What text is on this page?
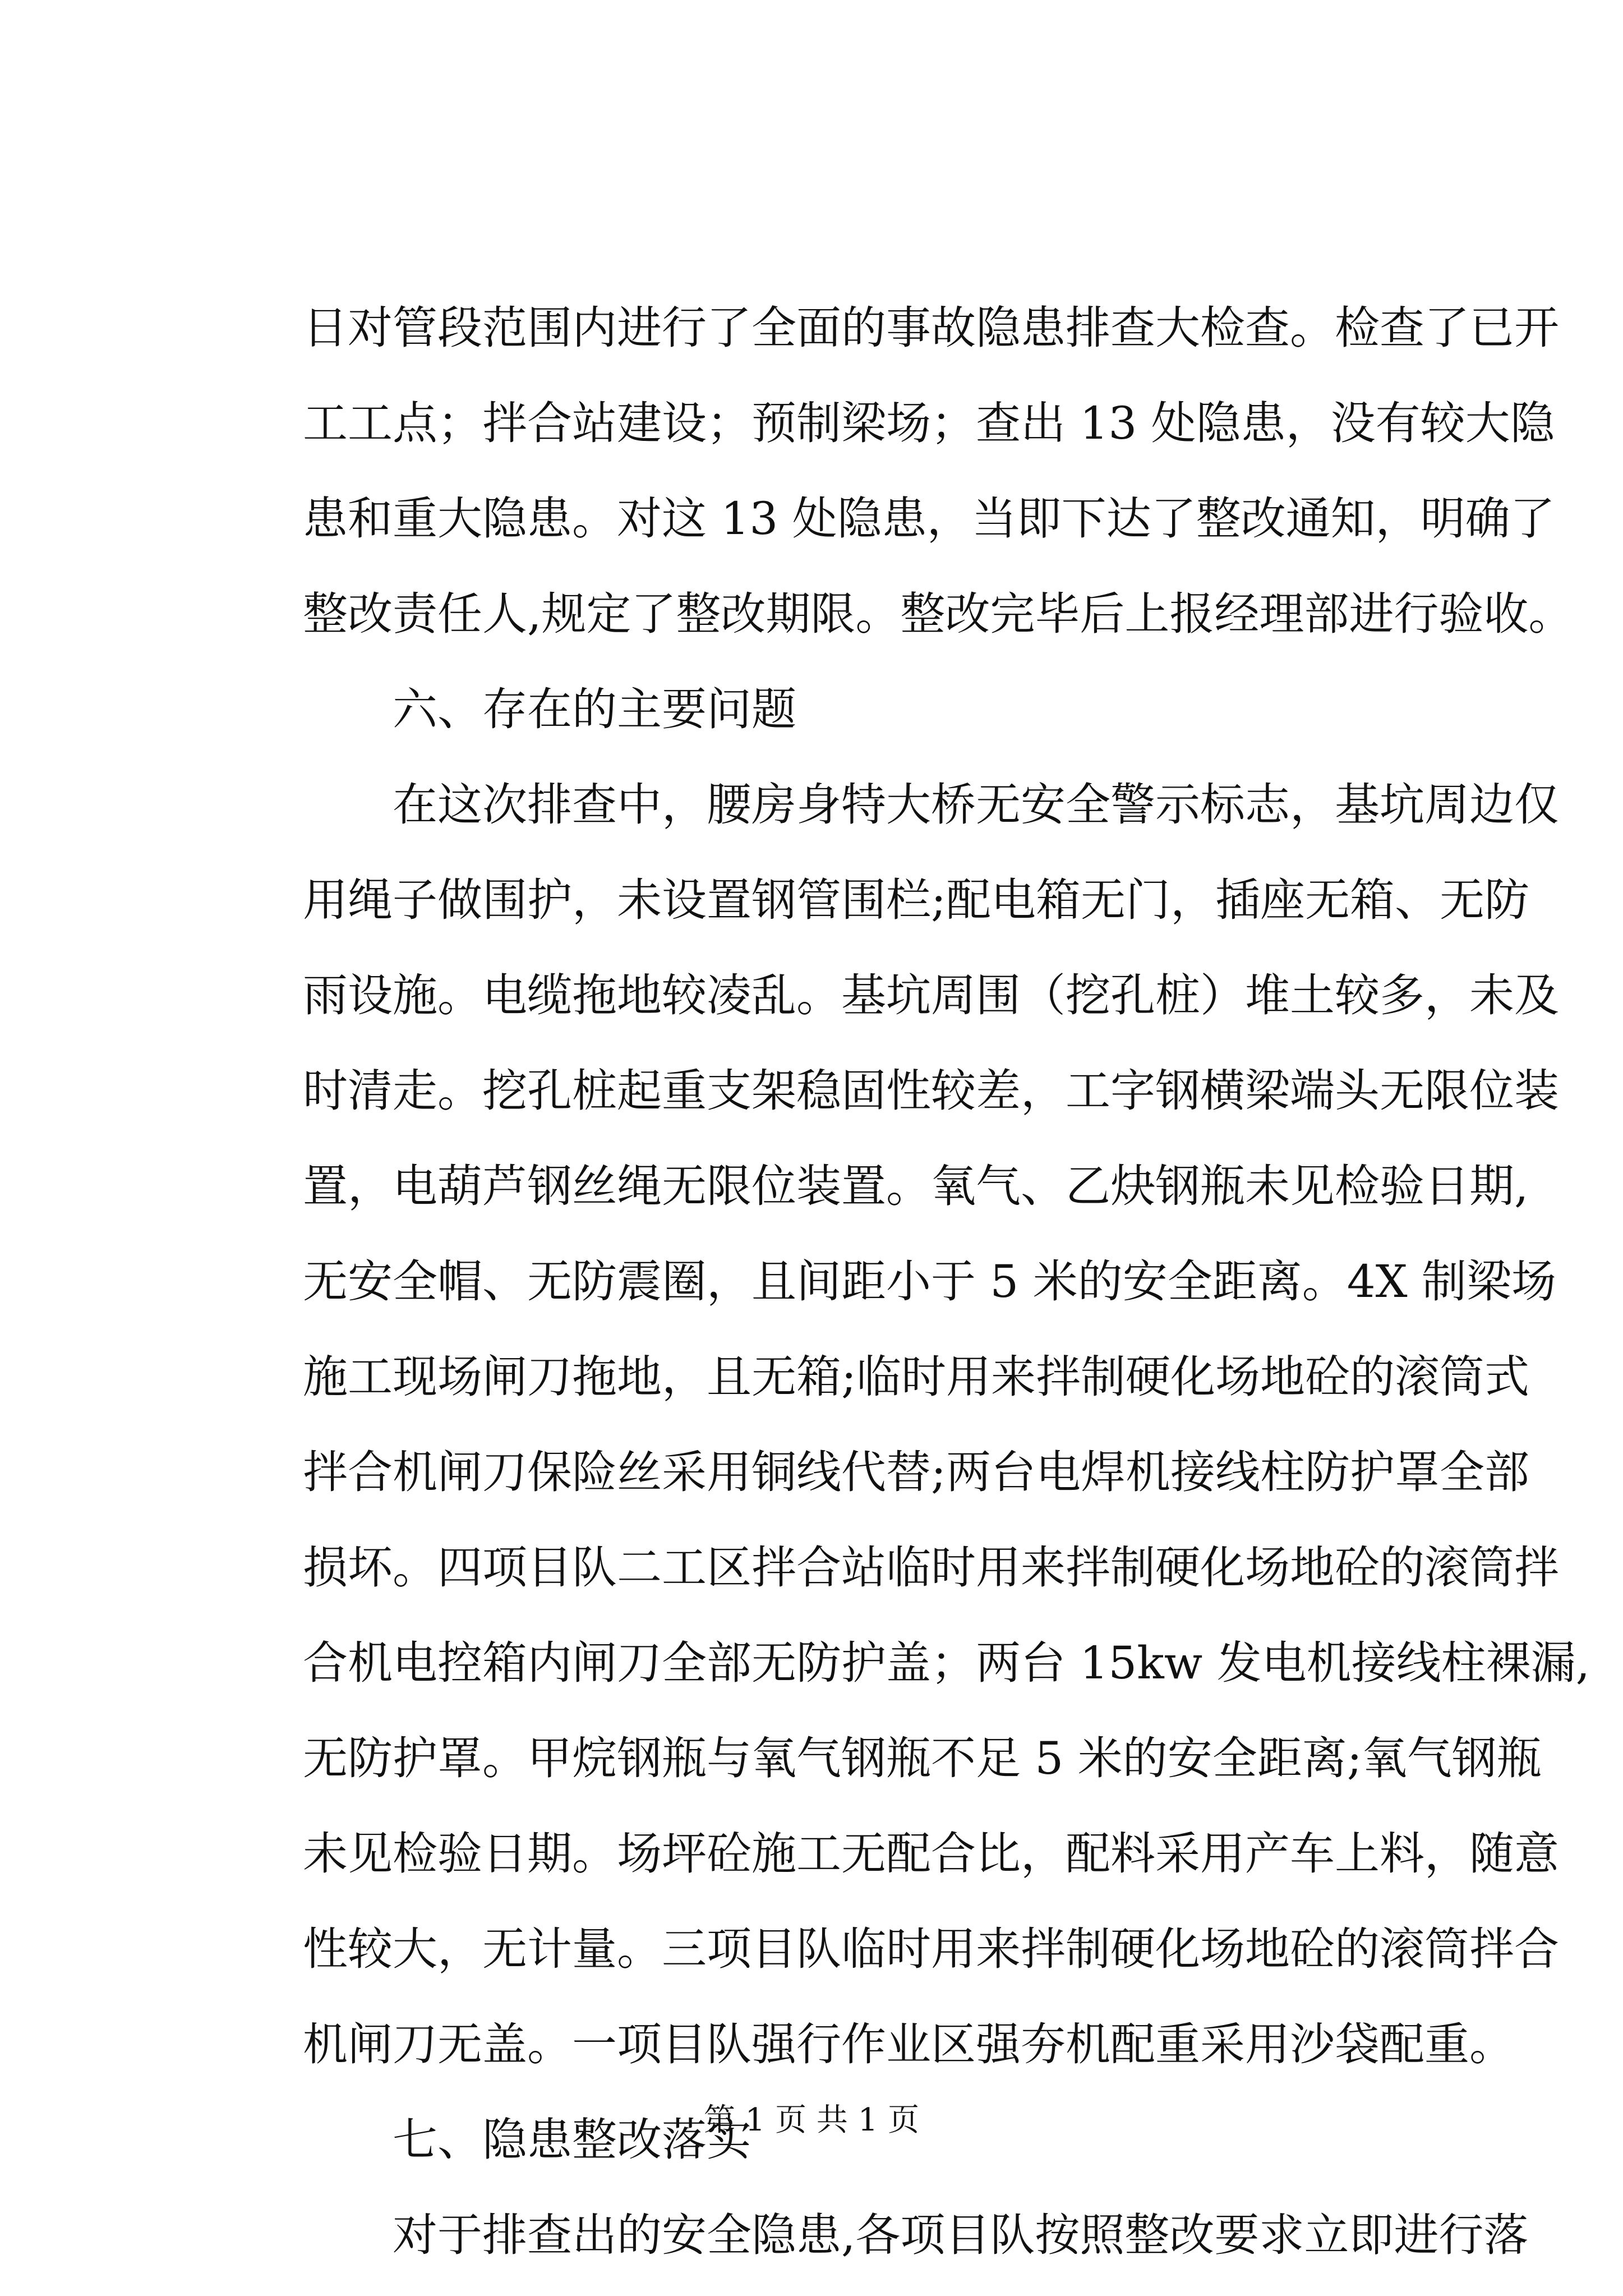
日对管段范围内进行了全面的事故隐患排查大检查。检查了已开
工工点；拌合站建设；预制梁场；查出 13 处隐患，没有较大隐
患和重大隐患。对这 13 处隐患，当即下达了整改通知，明确了
整改责任人,规定了整改期限。整改完毕后上报经理部进行验收。
六、存在的主要问题
在这次排查中，腰房身特大桥无安全警示标志，基坑周边仅
用绳子做围护，未设置钢管围栏;配电箱无门，插座无箱、无防
雨设施。电缆拖地较凌乱。基坑周围（挖孔桩）堆土较多，未及
时清走。挖孔桩起重支架稳固性较差，工字钢横梁端头无限位装
置，电葫芦钢丝绳无限位装置。氧气、乙炔钢瓶未见检验日期,
无安全帽、无防震圈，且间距小于 5 米的安全距离。4X 制梁场
施工现场闸刀拖地，且无箱;临时用来拌制硬化场地砼的滚筒式
拌合机闸刀保险丝采用铜线代替;两台电焊机接线柱防护罩全部
损坏。四项目队二工区拌合站临时用来拌制硬化场地砼的滚筒拌
合机电控箱内闸刀全部无防护盖；两台 15kw 发电机接线柱裸漏,
无防护罩。甲烷钢瓶与氧气钢瓶不足 5 米的安全距离;氧气钢瓶
未见检验日期。场坪砼施工无配合比，配料采用产车上料，随意
性较大，无计量。三项目队临时用来拌制硬化场地砼的滚筒拌合
机闸刀无盖。一项目队强行作业区强夯机配重采用沙袋配重。
七、隐患整改落实
对于排查出的安全隐患,各项目队按照整改要求立即进行落
第 1 页 共 1 页
